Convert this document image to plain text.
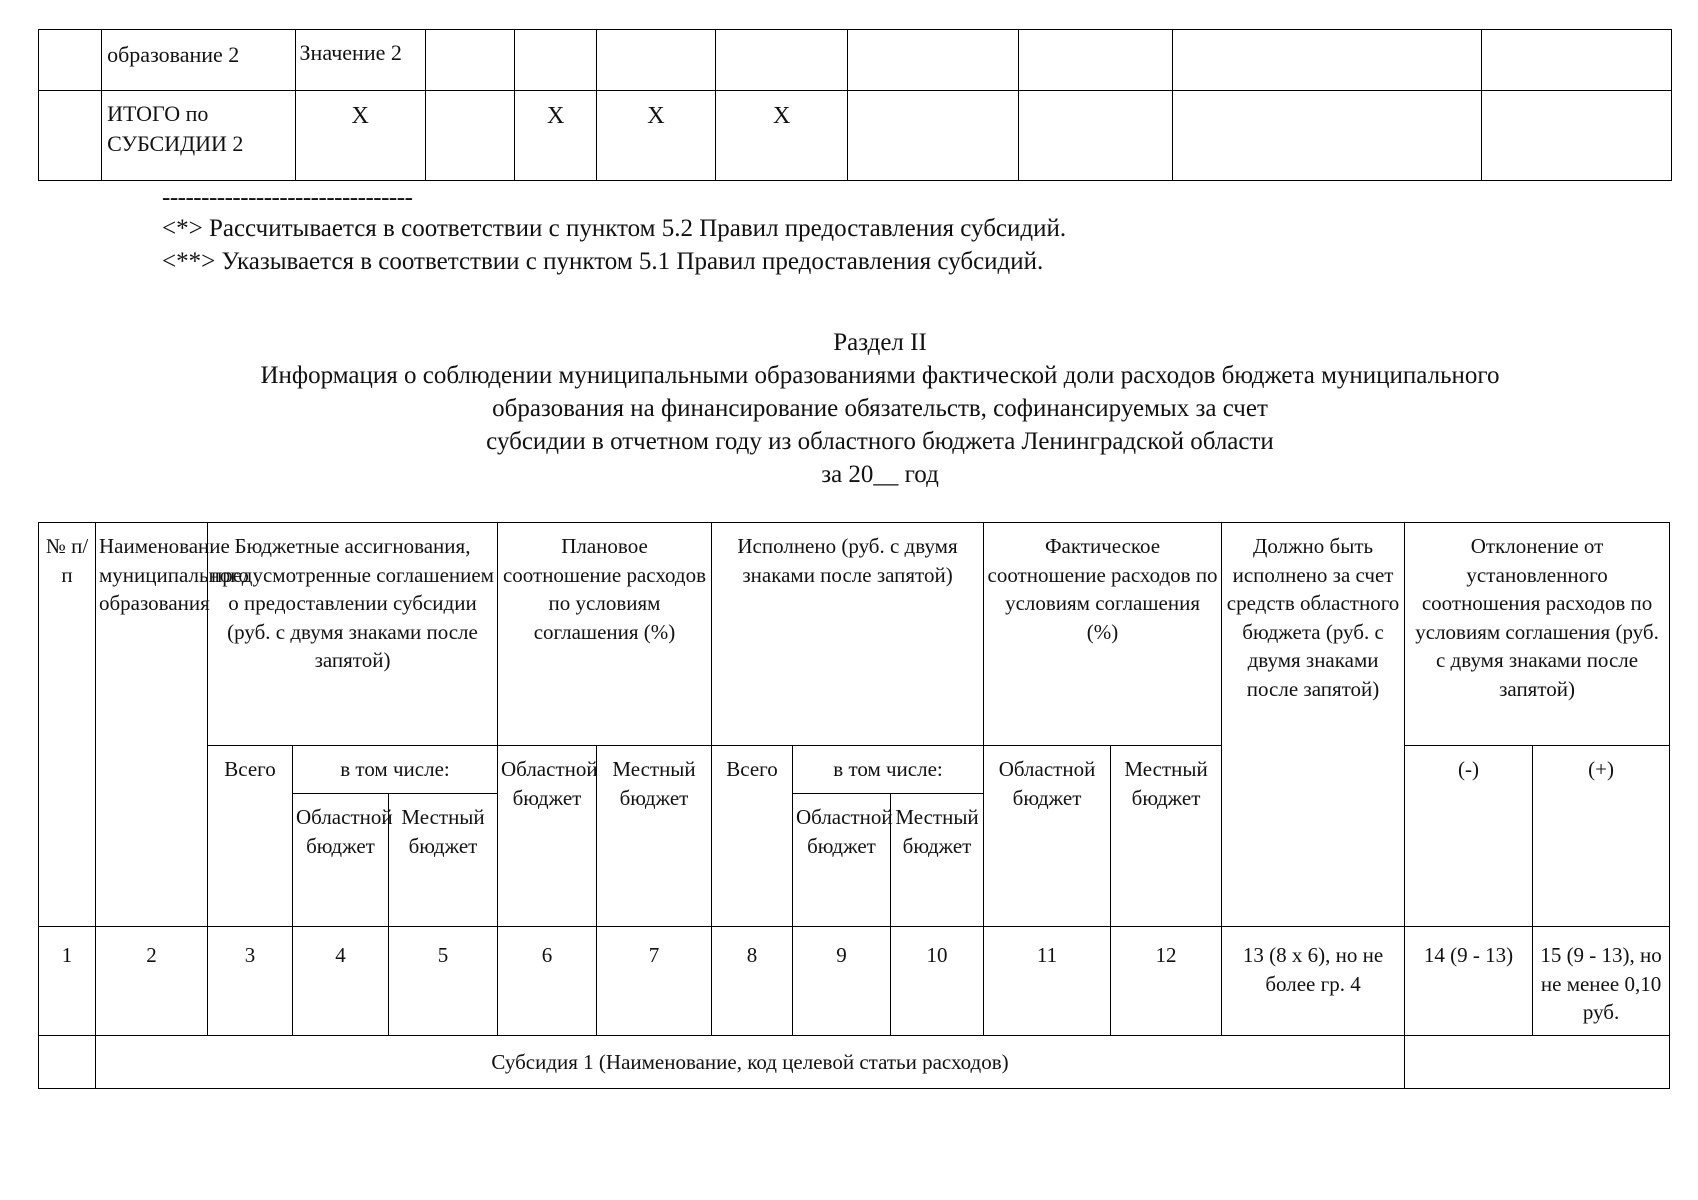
	образование 2	Значение 2								
	ИТОГО по СУБСИДИИ 2	X		X	X	X				
--------------------------------
<*> Рассчитывается в соответствии с пунктом 5.2 Правил предоставления субсидий.
<**> Указывается в соответствии с пунктом 5.1 Правил предоставления субсидий.
Раздел II
Информация о соблюдении муниципальными образованиями фактической доли расходов бюджета муниципального
образования на финансирование обязательств, софинансируемых за счет
субсидии в отчетном году из областного бюджета Ленинградской области
за 20__ год
№ п/п	Наименование муниципального образования	Бюджетные ассигнования, предусмотренные соглашением о предоставлении субсидии (руб. с двумя знаками после запятой)			Плановое соотношение расходов по условиям соглашения (%)		Исполнено (руб. с двумя знаками после запятой)			Фактическое соотношение расходов по условиям соглашения (%)		Должно быть исполнено за счет средств областного бюджета (руб. с двумя знаками после запятой)	Отклонение от установленного соотношения расходов по условиям соглашения (руб. с двумя знаками после запятой)	
		Всего	в том числе:		Областной бюджет	Местный бюджет	Всего	в том числе:		Областной бюджет	Местный бюджет		(-)	(+)
			Областной бюджет	Местный бюджет				Областной бюджет	Местный бюджет					
1	2	3	4	5	6	7	8	9	10	11	12	13 (8 x 6), но не более гр. 4	14 (9 - 13)	15 (9 - 13), но не менее 0,10 руб.
	Субсидия 1 (Наименование, код целевой статьи расходов)													
